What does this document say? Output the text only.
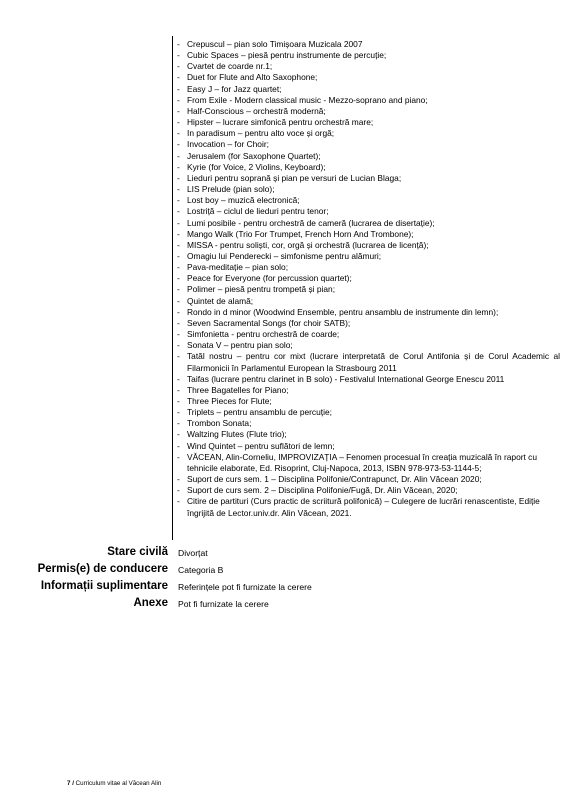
- Crepuscul – pian solo Timișoara Muzicala 2007
- Cubic Spaces – piesă pentru instrumente de percuție;
- Cvartet de coarde nr.1;
- Duet for Flute and Alto Saxophone;
- Easy J – for Jazz quartet;
- From Exile - Modern classical music - Mezzo-soprano and piano;
- Half-Conscious – orchestră modernă;
- Hipster – lucrare simfonică pentru orchestră mare;
- In paradisum – pentru alto voce și orgă;
- Invocation – for Choir;
- Jerusalem (for Saxophone Quartet);
- Kyrie (for Voice, 2 Violins, Keyboard);
- Lieduri pentru soprană și pian pe versuri de Lucian Blaga;
- LIS Prelude (pian solo);
- Lost boy – muzică electronică;
- Lostriță – ciclul de lieduri pentru tenor;
- Lumi posibile - pentru orchestră de cameră (lucrarea de disertație);
- Mango Walk (Trio For Trumpet, French Horn And Trombone);
- MISSA - pentru soliști, cor, orgă și orchestră (lucrarea de licență);
- Omagiu lui Penderecki – simfonisme pentru alămuri;
- Pava-meditație – pian solo;
- Peace for Everyone (for percussion quartet);
- Polimer – piesă pentru trompetă și pian;
- Quintet de alamă;
- Rondo in d minor (Woodwind Ensemble, pentru ansamblu de instrumente din lemn);
- Seven Sacramental Songs (for choir SATB);
- Simfonietta - pentru orchestră de coarde;
- Sonata V – pentru pian solo;
- Tatăl nostru – pentru cor mixt (lucrare interpretată de Corul Antifonia și de Corul Academic al Filarmonicii în Parlamentul European la Strasbourg 2011
- Taifas (lucrare pentru clarinet in B solo) - Festivalul International George Enescu 2011
- Three Bagatelles for Piano;
- Three Pieces for Flute;
- Triplets – pentru ansamblu de percuție;
- Trombon Sonata;
- Waltzing Flutes (Flute trio);
- Wind Quintet – pentru suflători de lemn;
- VĂCEAN, Alin-Corneliu, IMPROVIZAȚIA – Fenomen procesual în creația muzicală în raport cu tehnicile elaborate, Ed. Risoprint, Cluj-Napoca, 2013, ISBN 978-973-53-1144-5;
- Suport de curs sem. 1 – Disciplina Polifonie/Contrapunct, Dr. Alin Văcean 2020;
- Suport de curs sem. 2 – Disciplina Polifonie/Fugă, Dr. Alin Văcean, 2020;
- Citire de partituri (Curs practic de scriitură polifonică) – Culegere de lucrări renascentiste, Ediție îngrijită de Lector.univ.dr. Alin Văcean, 2021.
Stare civilă Divorțat
Permis(e) de conducere Categoria B
Informații suplimentare Referințele pot fi furnizate la cerere
Anexe Pot fi furnizate la cerere
7 / Curriculum vitae al Văcean Alin
